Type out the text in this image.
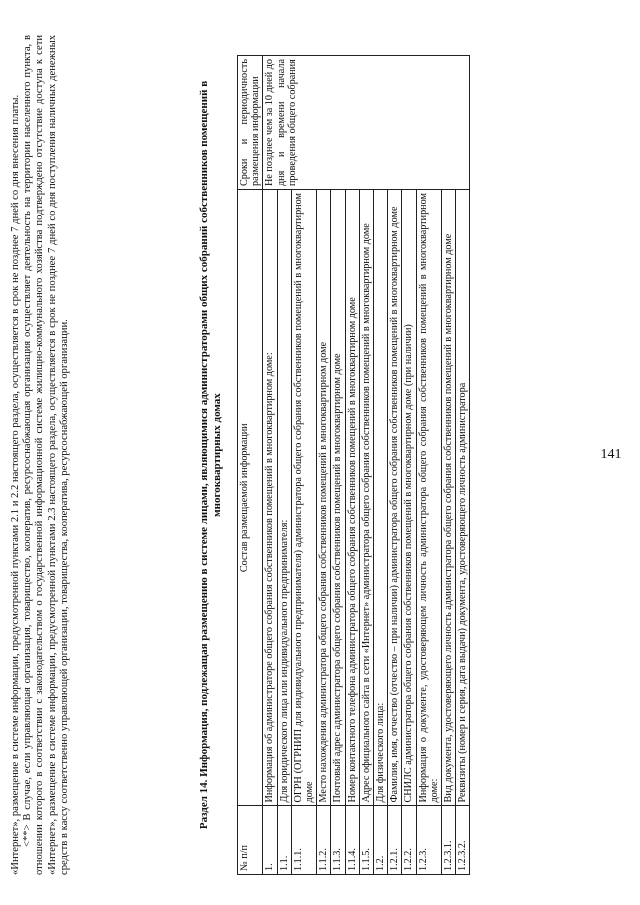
«Интернет», размещение в системе информации, предусмотренной пунктами 2.1 и 2.2 настоящего раздела, осуществляется в срок не позднее 7 дней со дня внесения платы. <**> В случае, если управляющая организация, товарищество, кооператив, ресурсоснабжающая организация осуществляет деятельность на территории населенного пункта, в отношении которого в соответствии с законодательством о государственной информационной системе жилищно-коммунального хозяйства подтверждено отсутствие доступа к сети «Интернет», размещение в системе информации, предусмотренной пунктами 2.3 настоящего раздела, осуществляется в срок не позднее 7 дней со дня поступления наличных денежных средств в кассу соответственно управляющей организации, товарищества, кооператива, ресурсоснабжающей организации.	Раздел 14. Информация, подлежащая размещению в системе лицами, являющимися администраторами общих собраний собственников помещений в многоквартирных домах
№ п/п	Состав размещаемой информации	Сроки и периодичность размещения информации
1.	Информация об администраторе общего собрания собственников помещений в многоквартирном доме:	Не позднее чем за 10 дней до дня и времени начала проведения общего собрания
1.1.	Для юридического лица или индивидуального предпринимателя:	
1.1.1.	ОГРН (ОГРНИП для индивидуального предпринимателя) администратора общего собрания собственников помещений в многоквартирном доме	
1.1.2.	Место нахождения администратора общего собрания собственников помещений в многоквартирном доме	
1.1.3.	Почтовый адрес администратора общего собрания собственников помещений в многоквартирном доме	
1.1.4.	Номер контактного телефона администратора общего собрания собственников помещений в многоквартирном доме	
1.1.5.	Адрес официального сайта в сети «Интернет» администратора общего собрания собственников помещений в многоквартирном доме	
1.2.	Для физического лица:	
1.2.1.	Фамилия, имя, отчество (отчество – при наличии) администратора общего собрания собственников помещений в многоквартирном доме	
1.2.2.	СНИЛС администратора общего собрания собственников помещений в многоквартирном доме (при наличии)	
1.2.3.	Информация о документе, удостоверяющем личность администратора общего собрания собственников помещений в многоквартирном доме:	
1.2.3.1.	Вид документа, удостоверяющего личность администратора общего собрания собственников помещений в многоквартирном доме	
1.2.3.2.	Реквизиты (номер и серия, дата выдачи) документа, удостоверяющего личность администратора		141
